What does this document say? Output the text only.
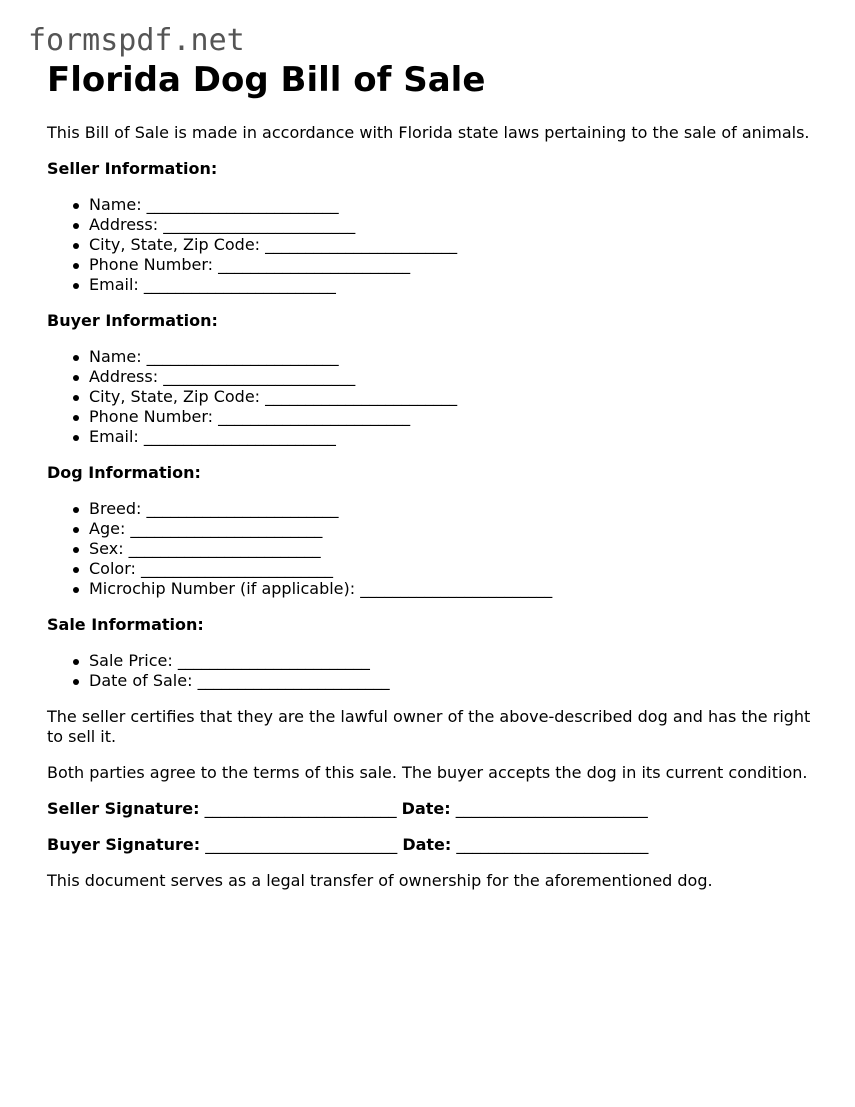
formspdf.net
Florida Dog Bill of Sale

This Bill of Sale is made in accordance with Florida state laws pertaining to the sale of animals.

Seller Information:

Name: ________________________
Address: ________________________
City, State, Zip Code: ________________________
Phone Number: ________________________
Email: ________________________

Buyer Information:

Name: ________________________
Address: ________________________
City, State, Zip Code: ________________________
Phone Number: ________________________
Email: ________________________

Dog Information:

Breed: ________________________
Age: ________________________
Sex: ________________________
Color: ________________________
Microchip Number (if applicable): ________________________

Sale Information:

Sale Price: ________________________
Date of Sale: ________________________

The seller certifies that they are the lawful owner of the above-described dog and has the right to sell it.

Both parties agree to the terms of this sale. The buyer accepts the dog in its current condition.

Seller Signature: ________________________ Date: ________________________

Buyer Signature: ________________________ Date: ________________________

This document serves as a legal transfer of ownership for the aforementioned dog.
